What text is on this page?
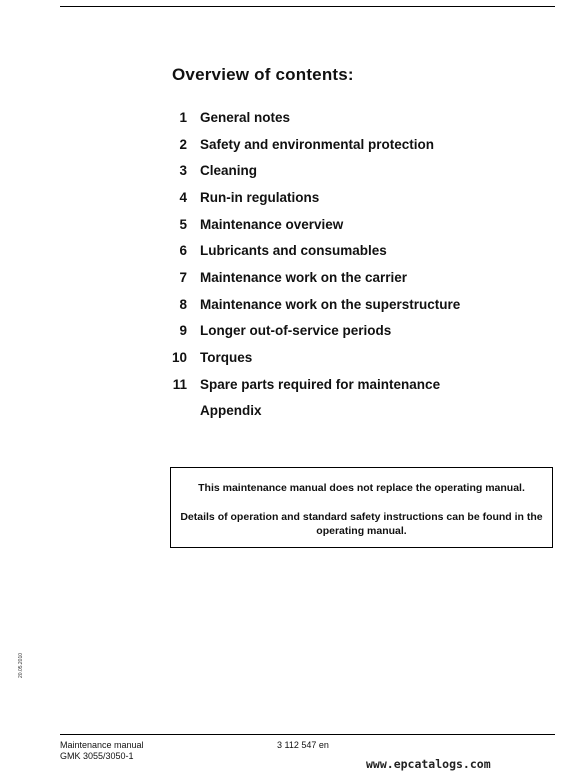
Overview of contents:
1 General notes
2 Safety and environmental protection
3 Cleaning
4 Run-in regulations
5 Maintenance overview
6 Lubricants and consumables
7 Maintenance work on the carrier
8 Maintenance work on the superstructure
9 Longer out-of-service periods
10 Torques
11 Spare parts required for maintenance
Appendix
This maintenance manual does not replace the operating manual.
Details of operation and standard safety instructions can be found in the operating manual.
20.05.2010
Maintenance manual
GMK 3055/3050-1
3 112 547 en
www.epcatalogs.com
